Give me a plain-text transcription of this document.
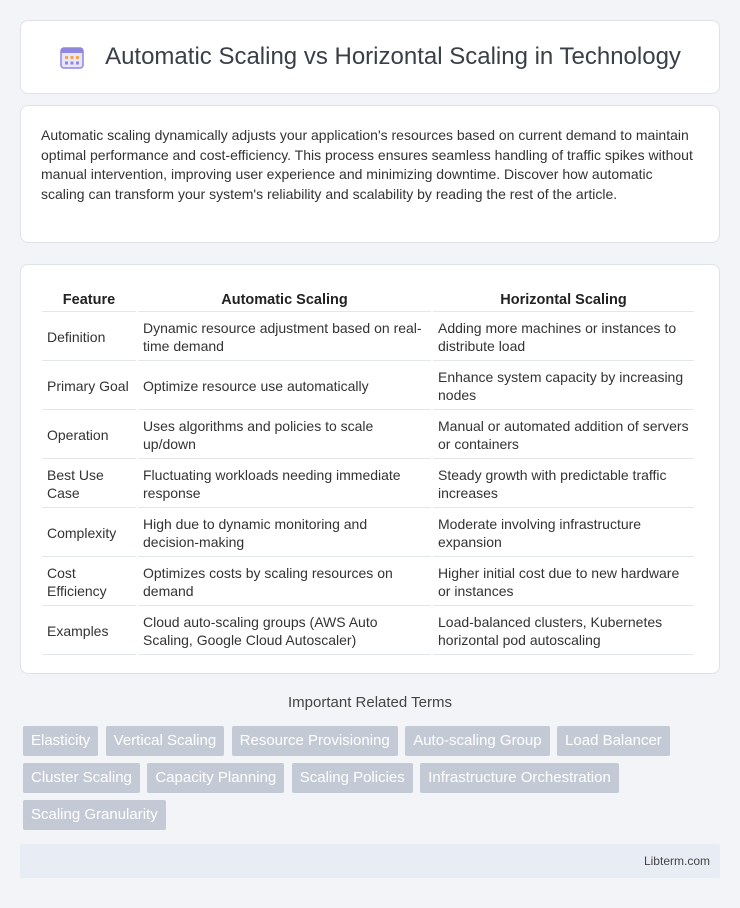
Automatic Scaling vs Horizontal Scaling in Technology

Automatic scaling dynamically adjusts your application's resources based on current demand to maintain optimal performance and cost-efficiency. This process ensures seamless handling of traffic spikes without manual intervention, improving user experience and minimizing downtime. Discover how automatic scaling can transform your system's reliability and scalability by reading the rest of the article.

Feature	Automatic Scaling	Horizontal Scaling
Definition	Dynamic resource adjustment based on real-time demand	Adding more machines or instances to distribute load
Primary Goal	Optimize resource use automatically	Enhance system capacity by increasing nodes
Operation	Uses algorithms and policies to scale up/down	Manual or automated addition of servers or containers
Best Use Case	Fluctuating workloads needing immediate response	Steady growth with predictable traffic increases
Complexity	High due to dynamic monitoring and decision-making	Moderate involving infrastructure expansion
Cost Efficiency	Optimizes costs by scaling resources on demand	Higher initial cost due to new hardware or instances
Examples	Cloud auto-scaling groups (AWS Auto Scaling, Google Cloud Autoscaler)	Load-balanced clusters, Kubernetes horizontal pod autoscaling
Important Related Terms
Elasticity Vertical Scaling Resource Provisioning Auto-scaling Group Load Balancer Cluster Scaling Capacity Planning Scaling Policies Infrastructure Orchestration Scaling Granularity
Libterm.com
